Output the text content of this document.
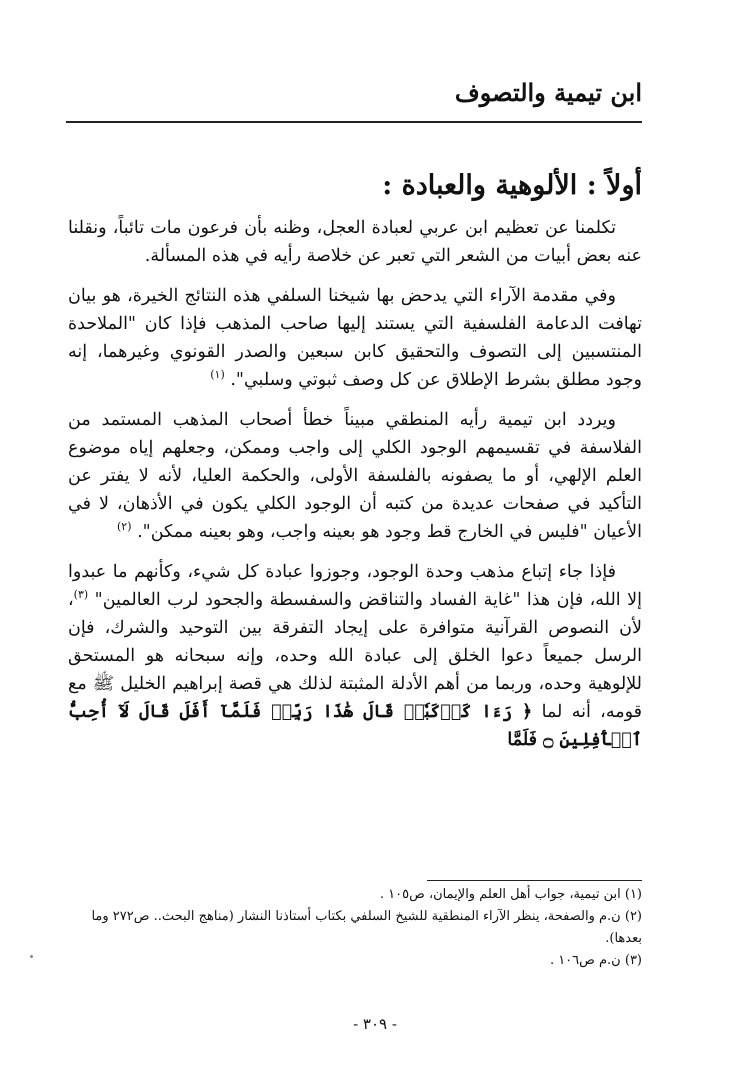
ابن تيمية والتصوف
أولاً : الألوهية والعبادة :

تكلمنا عن تعظيم ابن عربي لعبادة العجل، وظنه بأن فرعون مات تائباً، ونقلنا عنه بعض أبيات من الشعر التي تعبر عن خلاصة رأيه في هذه المسألة.

وفي مقدمة الآراء التي يدحض بها شيخنا السلفي هذه النتائج الخيرة، هو بيان تهافت الدعامة الفلسفية التي يستند إليها صاحب المذهب فإذا كان "الملاحدة المنتسبين إلى التصوف والتحقيق كابن سبعين والصدر القونوي وغيرهما، إنه وجود مطلق بشرط الإطلاق عن كل وصف ثبوتي وسلبي". $^{(١)}$

ويردد ابن تيمية رأيه المنطقي مبيناً خطأ أصحاب المذهب المستمد من الفلاسفة في تقسيمهم الوجود الكلي إلى واجب وممكن، وجعلهم إياه موضوع العلم الإلهي، أو ما يصفونه بالفلسفة الأولى، والحكمة العليا، لأنه لا يفتر عن التأكيد في صفحات عديدة من كتبه أن الوجود الكلي يكون في الأذهان، لا في الأعيان "فليس في الخارج قط وجود هو بعينه واجب، وهو بعينه ممكن". $^{(٢)}$

فإذا جاء إتباع مذهب وحدة الوجود، وجوزوا عبادة كل شيء، وكأنهم ما عبدوا إلا الله، فإن هذا "غاية الفساد والتناقض والسفسطة والجحود لرب العالمين" $^{(٣)}$، لأن النصوص القرآنية متوافرة على إيجاد التفرقة بين التوحيد والشرك، فإن الرسل جميعاً دعوا الخلق إلى عبادة الله وحده، وإنه سبحانه هو المستحق للإلوهية وحده، وربما من أهم الأدلة المثبتة لذلك هي قصة إبراهيم الخليل ﷺ مع قومه، أنه لما ﴿ رَءَا كَوۡكَبٗاۖ قَالَ هَٰذَا رَبِّيۖ فَلَمَّآ أَفَلَ قَالَ لَآ أُحِبُّ ٱلۡأٓفِلِينَ ۝ فَلَمَّا

(١) ابن تيمية، جواب أهل العلم والإيمان، ص١٠٥ .
(٢) ن.م والصفحة، ينظر الآراء المنطقية للشيخ السلفي بكتاب أستاذنا النشار (مناهج البحث.. ص٢٧٢ وما بعدها).
(٣) ن.م ص١٠٦ .
- ٣٠٩ -
